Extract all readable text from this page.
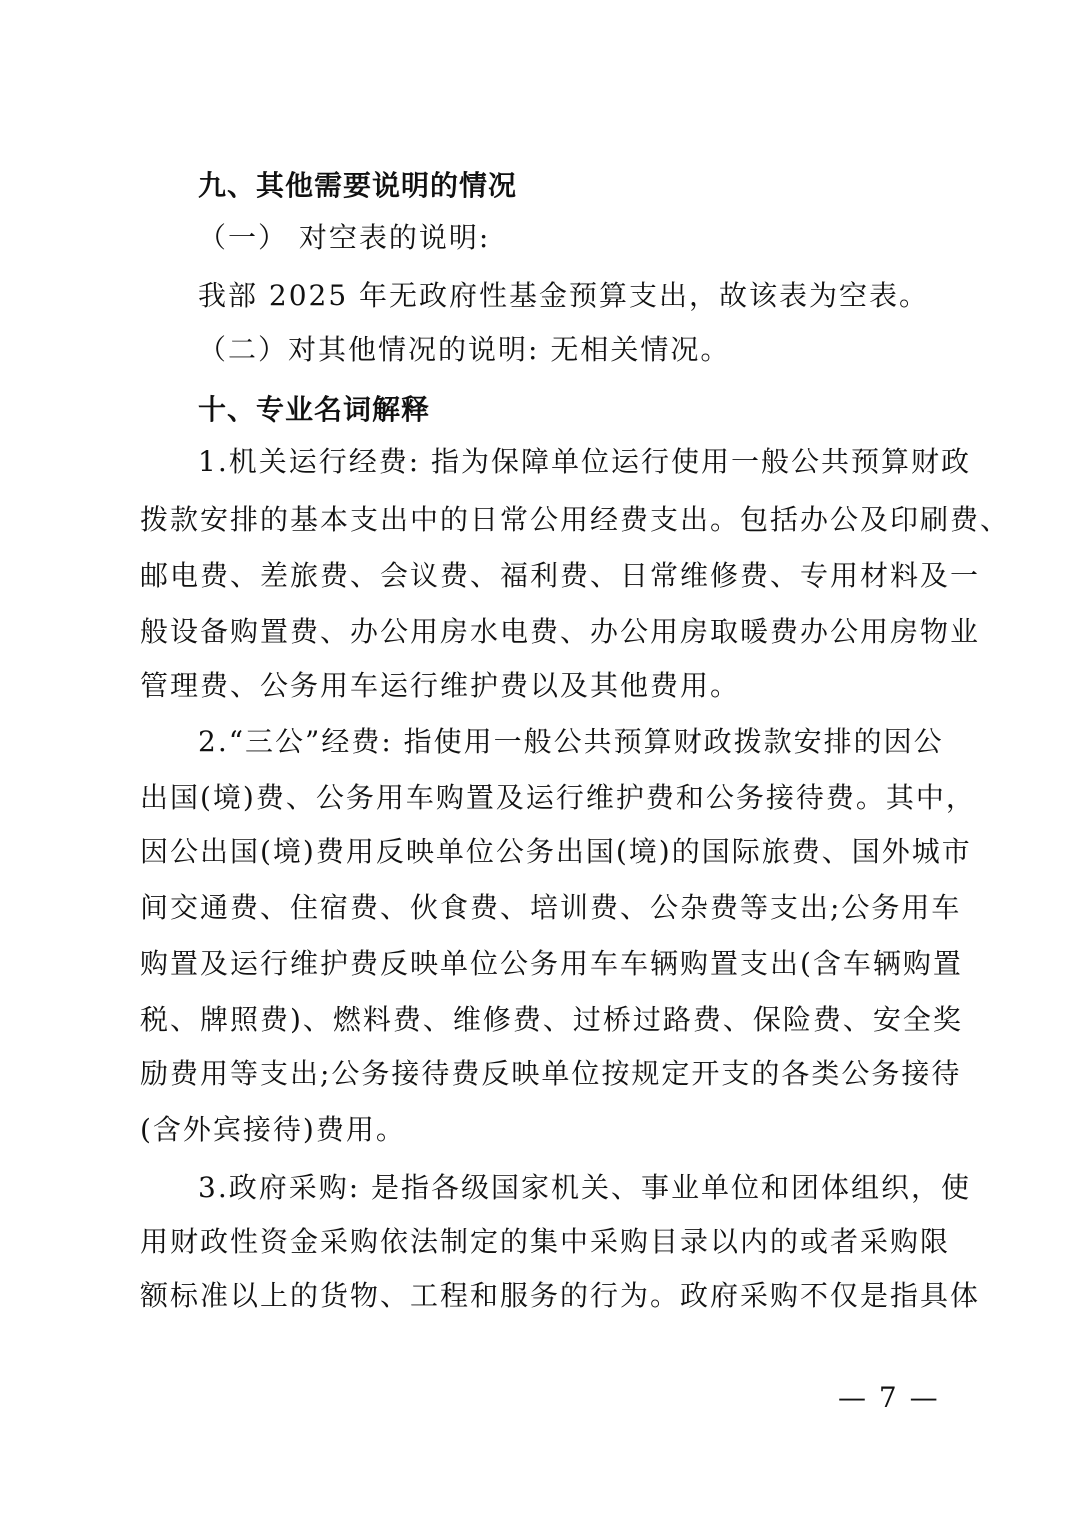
九、其他需要说明的情况
（一） 对空表的说明:
我部 2025 年无政府性基金预算支出，故该表为空表。
（二）对其他情况的说明: 无相关情况。
十、专业名词解释
1.机关运行经费: 指为保障单位运行使用一般公共预算财政
拨款安排的基本支出中的日常公用经费支出。包括办公及印刷费、
邮电费、差旅费、会议费、福利费、日常维修费、专用材料及一
般设备购置费、办公用房水电费、办公用房取暖费办公用房物业
管理费、公务用车运行维护费以及其他费用。
2.“三公”经费: 指使用一般公共预算财政拨款安排的因公
出国(境)费、公务用车购置及运行维护费和公务接待费。其中，
因公出国(境)费用反映单位公务出国(境)的国际旅费、国外城市
间交通费、住宿费、伙食费、培训费、公杂费等支出;公务用车
购置及运行维护费反映单位公务用车车辆购置支出(含车辆购置
税、牌照费)、燃料费、维修费、过桥过路费、保险费、安全奖
励费用等支出;公务接待费反映单位按规定开支的各类公务接待
(含外宾接待)费用。
3.政府采购: 是指各级国家机关、事业单位和团体组织，使
用财政性资金采购依法制定的集中采购目录以内的或者采购限
额标准以上的货物、工程和服务的行为。政府采购不仅是指具体
— 7 —
